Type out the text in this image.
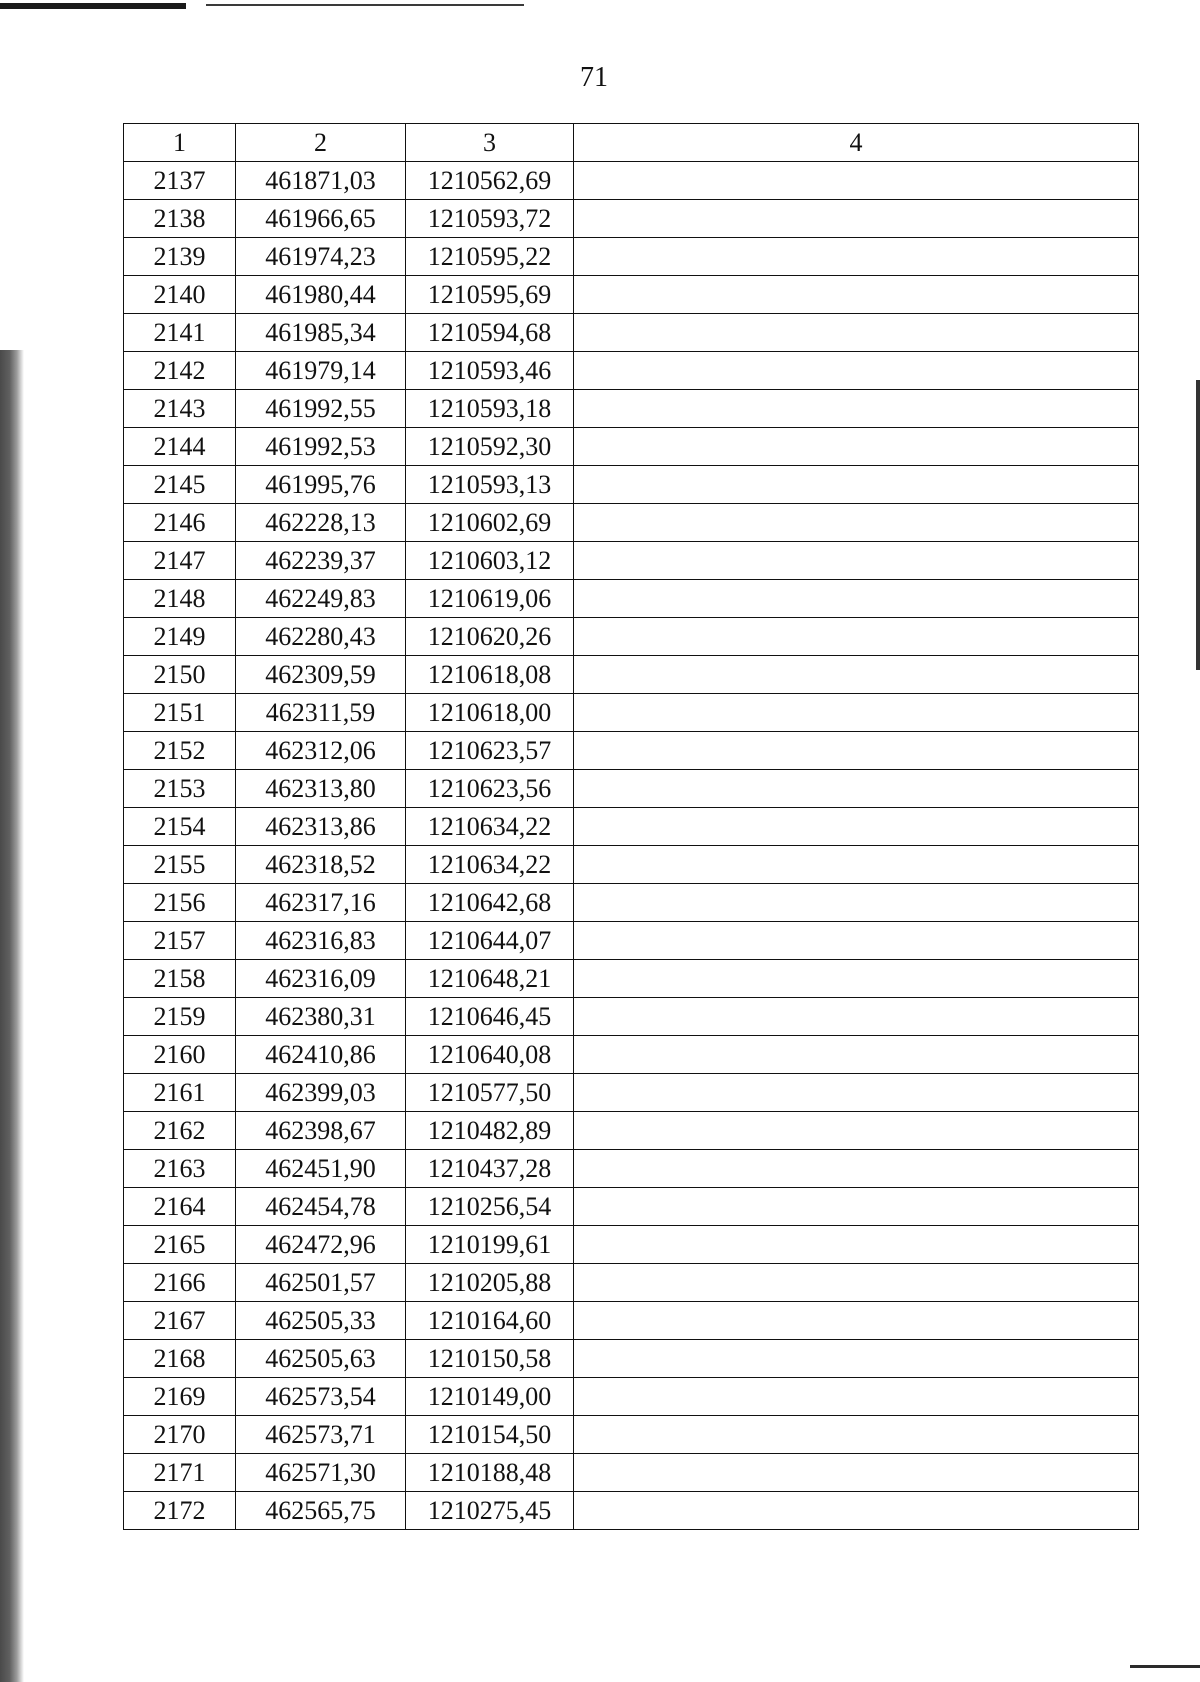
71
1	2	3	4
2137	461871,03	1210562,69	
2138	461966,65	1210593,72	
2139	461974,23	1210595,22	
2140	461980,44	1210595,69	
2141	461985,34	1210594,68	
2142	461979,14	1210593,46	
2143	461992,55	1210593,18	
2144	461992,53	1210592,30	
2145	461995,76	1210593,13	
2146	462228,13	1210602,69	
2147	462239,37	1210603,12	
2148	462249,83	1210619,06	
2149	462280,43	1210620,26	
2150	462309,59	1210618,08	
2151	462311,59	1210618,00	
2152	462312,06	1210623,57	
2153	462313,80	1210623,56	
2154	462313,86	1210634,22	
2155	462318,52	1210634,22	
2156	462317,16	1210642,68	
2157	462316,83	1210644,07	
2158	462316,09	1210648,21	
2159	462380,31	1210646,45	
2160	462410,86	1210640,08	
2161	462399,03	1210577,50	
2162	462398,67	1210482,89	
2163	462451,90	1210437,28	
2164	462454,78	1210256,54	
2165	462472,96	1210199,61	
2166	462501,57	1210205,88	
2167	462505,33	1210164,60	
2168	462505,63	1210150,58	
2169	462573,54	1210149,00	
2170	462573,71	1210154,50	
2171	462571,30	1210188,48	
2172	462565,75	1210275,45	
